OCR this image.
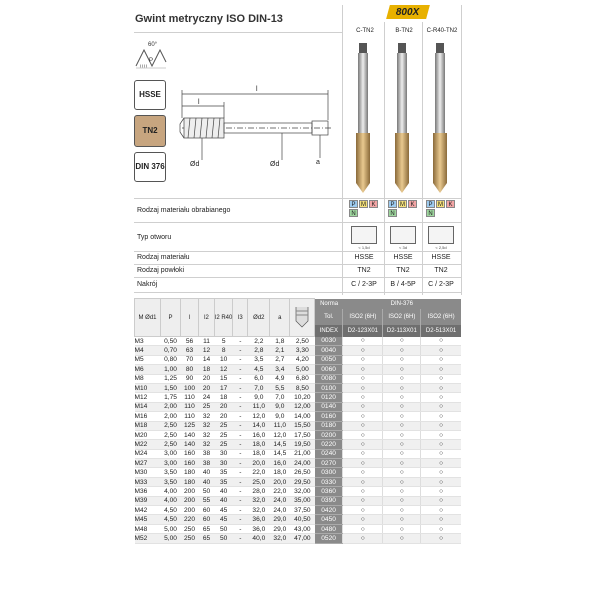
Gwint metryczny ISO DIN-13
800X
C-TN2	B-TN2	C-R40-TN2
60°
P
HSSE
TN2
DIN 376
l
l
Ød	Ød	a
Rodzaj materiału obrabianego
P M K
N
P M K
N
P M K
N
Typ otworu
< 1,5d	< 3d	< 2,5d
Rodzaj materiału	HSSE	HSSE	HSSE
Rodzaj powłoki	TN2	TN2	TN2
Nakrój	C / 2-3P	B / 4-5P	C / 2-3P
M Ød1	P	l	l2	l2 R40	l3	Ød2	a		Norma	DIN-376		
									Tol.	ISO2 (6H)	ISO2 (6H)	ISO2 (6H)
									INDEX	D2-123X01	D2-113X01	D2-513X01
M3	0,50	56	11	5	-	2,2	1,8	2,50	0030	○	○	○
M4	0,70	63	12	8	-	2,8	2,1	3,30	0040	○	○	○
M5	0,80	70	14	10	-	3,5	2,7	4,20	0050	○	○	○
M6	1,00	80	18	12	-	4,5	3,4	5,00	0060	○	○	○
M8	1,25	90	20	15	-	6,0	4,9	6,80	0080	○	○	○
M10	1,50	100	20	17	-	7,0	5,5	8,50	0100	○	○	○
M12	1,75	110	24	18	-	9,0	7,0	10,20	0120	○	○	○
M14	2,00	110	25	20	-	11,0	9,0	12,00	0140	○	○	○
M16	2,00	110	32	20	-	12,0	9,0	14,00	0160	○	○	○
M18	2,50	125	32	25	-	14,0	11,0	15,50	0180	○	○	○
M20	2,50	140	32	25	-	16,0	12,0	17,50	0200	○	○	○
M22	2,50	140	32	25	-	18,0	14,5	19,50	0220	○	○	○
M24	3,00	160	38	30	-	18,0	14,5	21,00	0240	○	○	○
M27	3,00	160	38	30	-	20,0	16,0	24,00	0270	○	○	○
M30	3,50	180	40	35	-	22,0	18,0	26,50	0300	○	○	○
M33	3,50	180	40	35	-	25,0	20,0	29,50	0330	○	○	○
M36	4,00	200	50	40	-	28,0	22,0	32,00	0360	○	○	○
M39	4,00	200	55	40	-	32,0	24,0	35,00	0390	○	○	○
M42	4,50	200	60	45	-	32,0	24,0	37,50	0420	○	○	○
M45	4,50	220	60	45	-	36,0	29,0	40,50	0450	○	○	○
M48	5,00	250	65	50	-	36,0	29,0	43,00	0480	○	○	○
M52	5,00	250	65	50	-	40,0	32,0	47,00	0520	○	○	○
